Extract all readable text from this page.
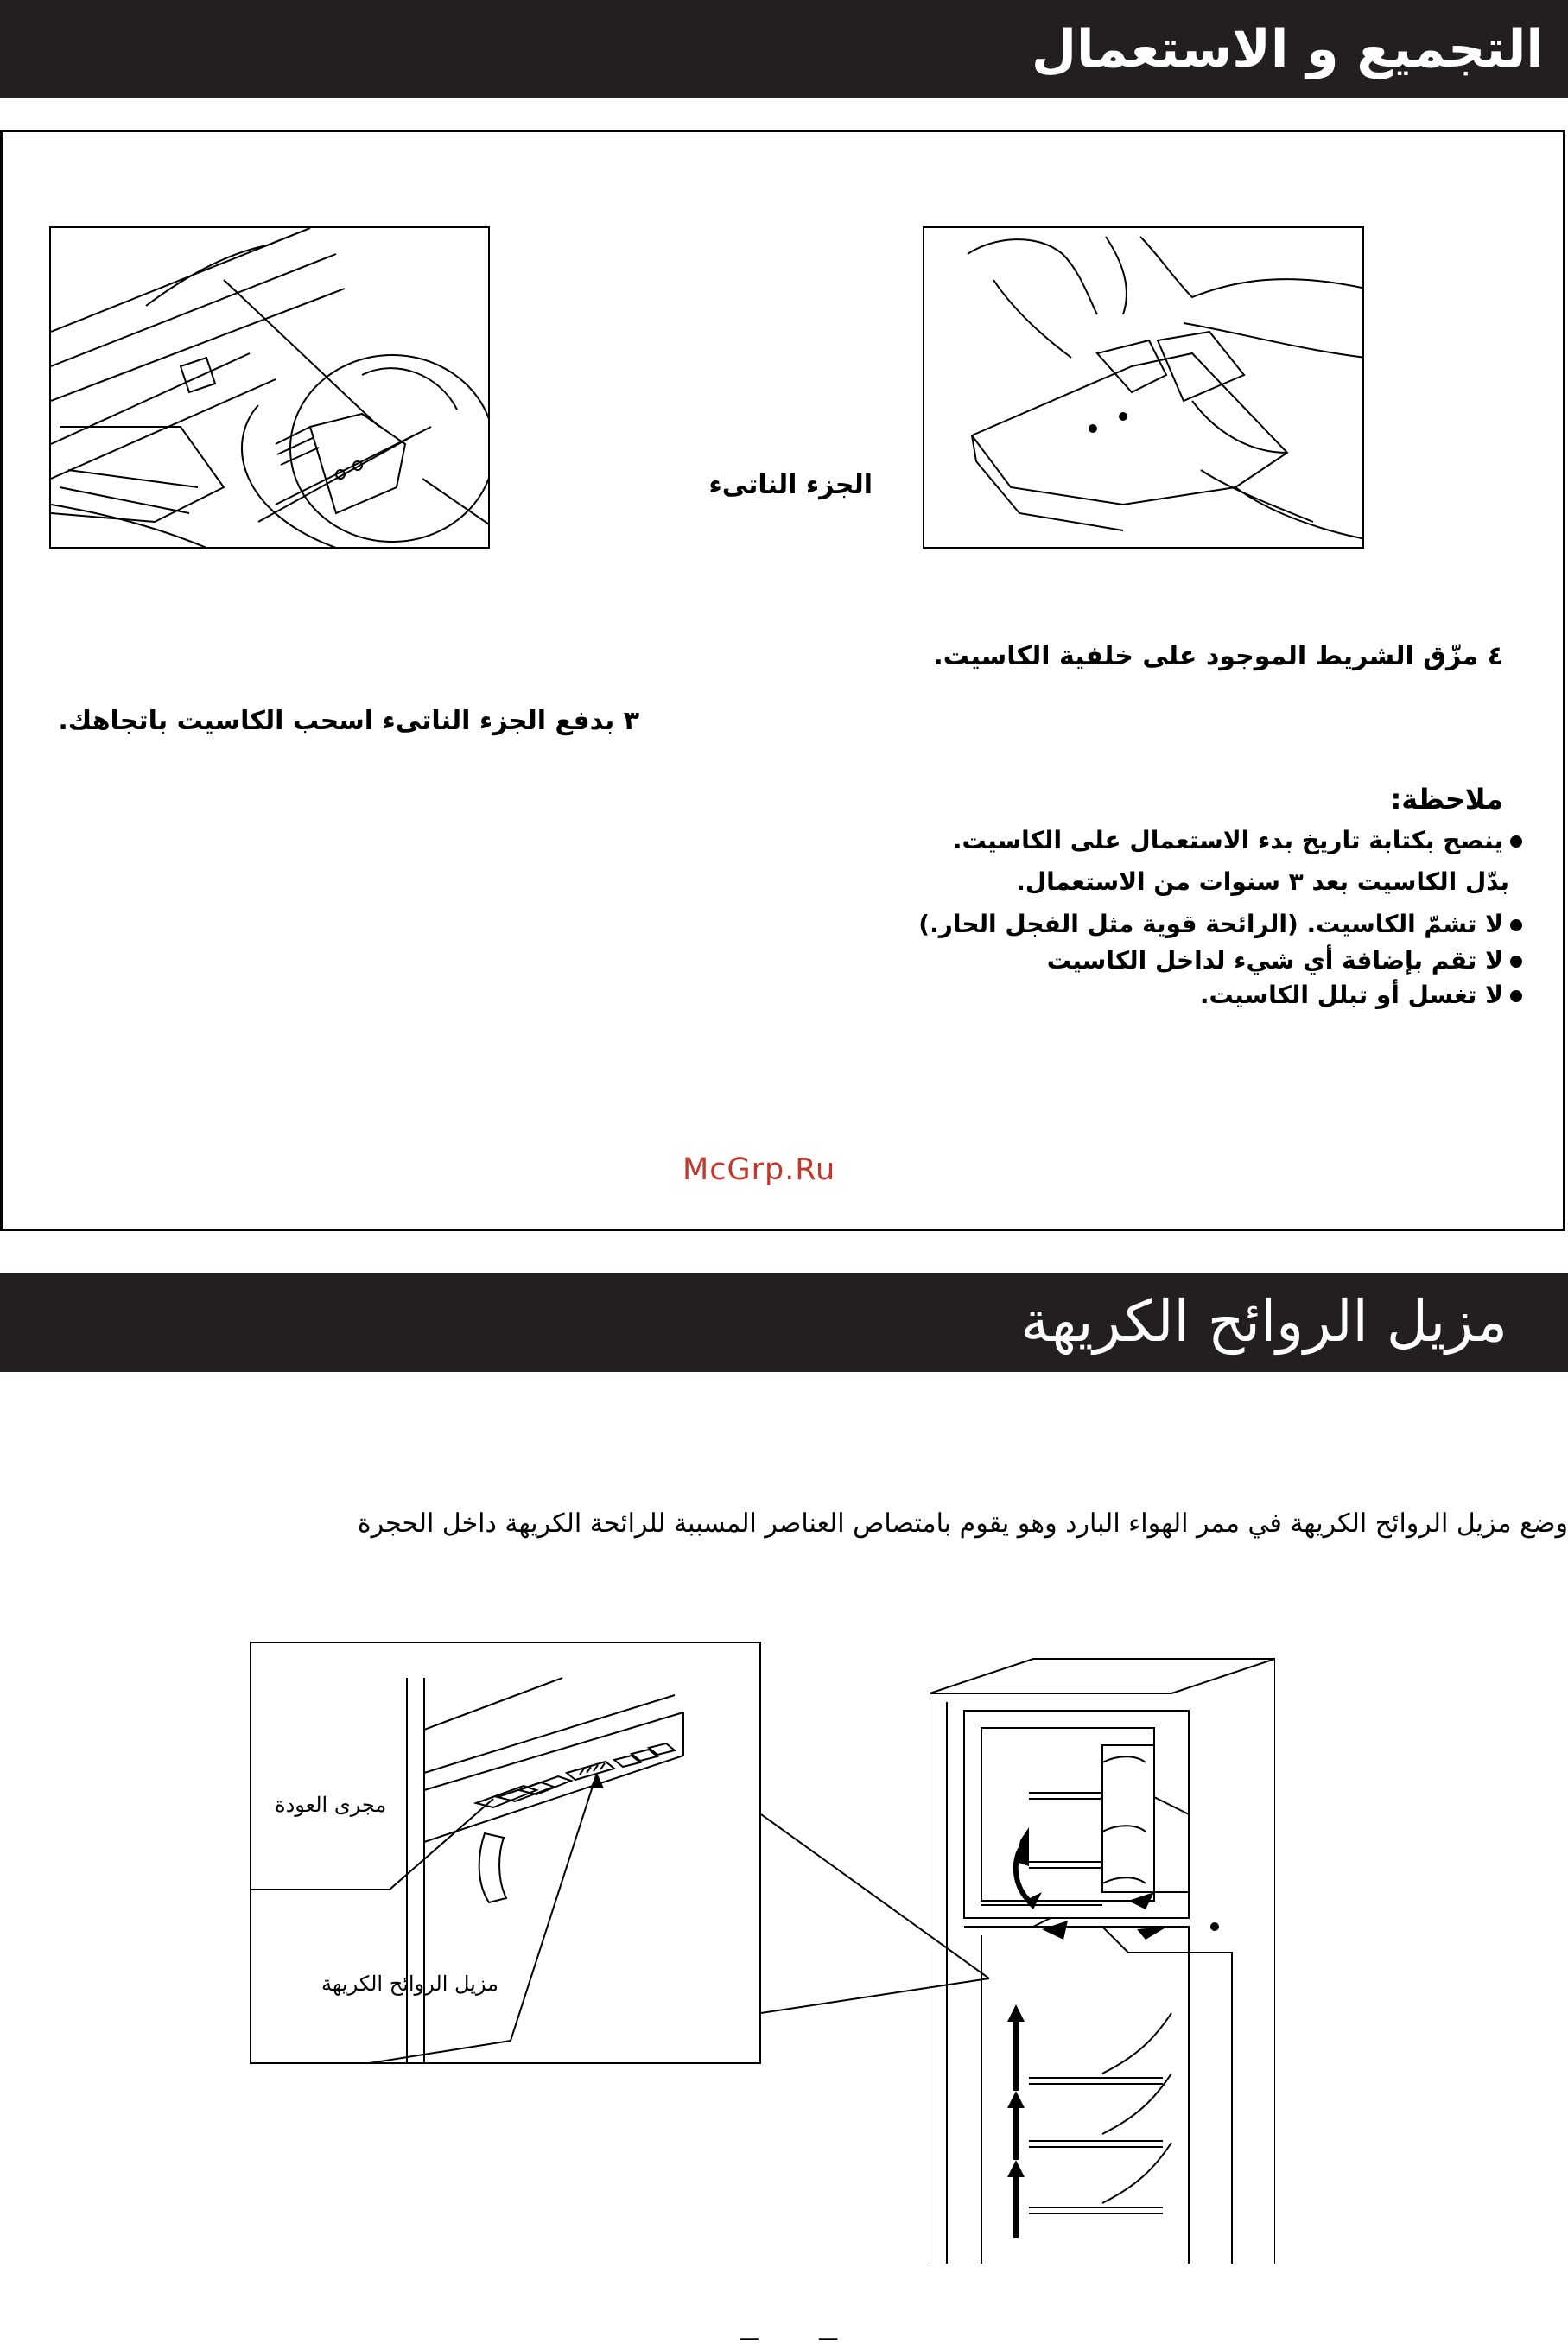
التجميع و الاستعمال
الجزء الناتىء
٤ مزّق الشريط الموجود على خلفية الكاسيت.
٣ بدفع الجزء الناتىء اسحب الكاسيت باتجاهك.
ملاحظة:
ينصح بكتابة تاريخ بدء الاستعمال على الكاسيت.
بدّل الكاسيت بعد ٣ سنوات من الاستعمال.
لا تشمّ الكاسيت. (الرائحة قوية مثل الفجل الحار.)
لا تقم بإضافة أي شيء لداخل الكاسيت
لا تغسل أو تبلل الكاسيت.
McGrp.Ru
مزيل الروائح الكريهة
وضع مزيل الروائح الكريهة في ممر الهواء البارد وهو يقوم بامتصاص العناصر المسببة للرائحة الكريهة داخل الحجرة
مجرى العودة
مزيل الروائح الكريهة
— —
